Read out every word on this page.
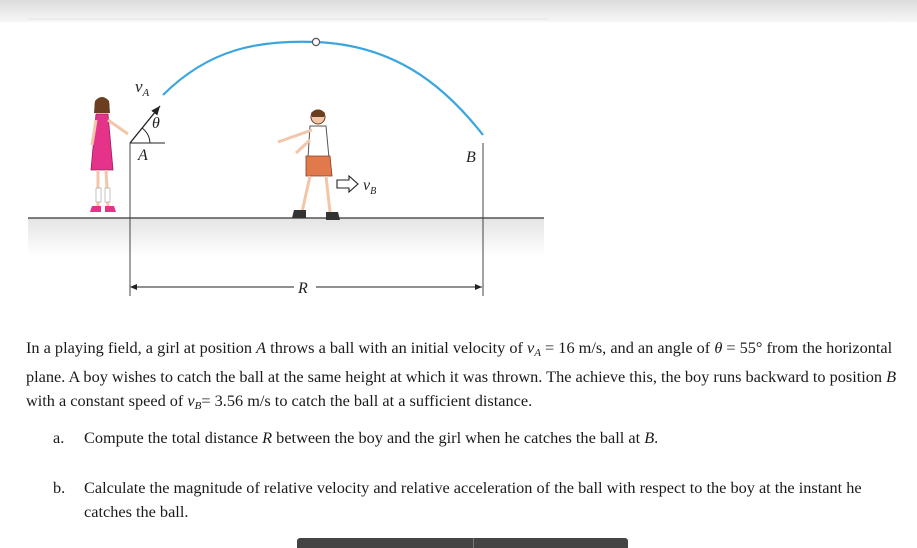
$v_A$
θ
A	B
$v_B$
R

In a playing field, a girl at position A throws a ball with an initial velocity of $v_A = 16$ m/s, and an angle of θ = 55° from the horizontal plane. A boy wishes to catch the ball at the same height at which it was thrown. The achieve this, the boy runs backward to position B with a constant speed of $v_B= 3.56$ m/s to catch the ball at a sufficient distance.

a. Compute the total distance R between the boy and the girl when he catches the ball at B.
b. Calculate the magnitude of relative velocity and relative acceleration of the ball with respect to the boy at the instant he catches the ball.
